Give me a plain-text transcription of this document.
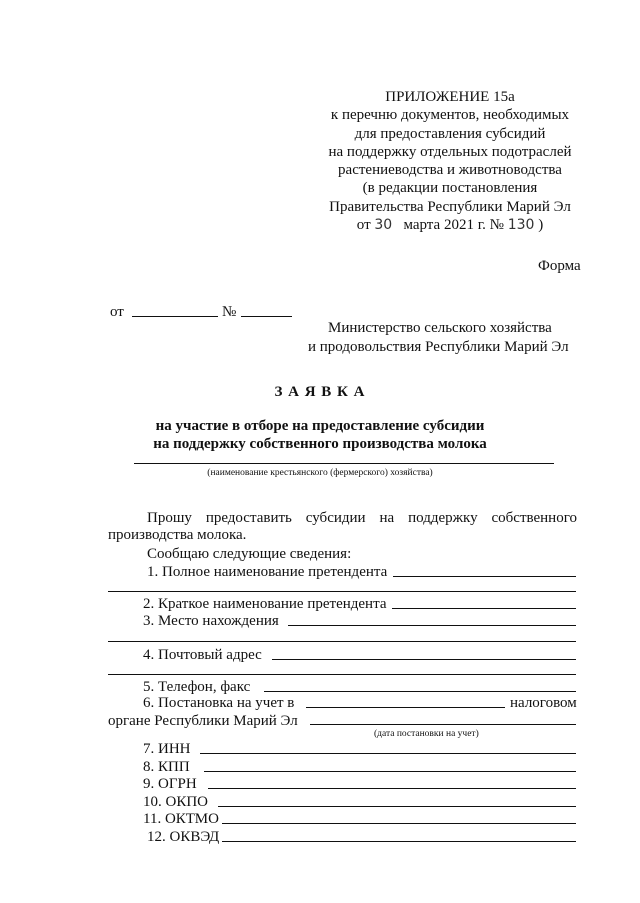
ПРИЛОЖЕНИЕ 15а
к перечню документов, необходимых
для предоставления субсидий
на поддержку отдельных подотраслей
растениеводства и животноводства
(в редакции постановления
Правительства Республики Марий Эл
от 30 марта 2021 г. № 130 )
Форма
от	№
Министерство сельского хозяйства
и продовольствия Республики Марий Эл
З А Я В К А
на участие в отборе на предоставление субсидии
на поддержку собственного производства молока
(наименование крестьянского (фермерского) хозяйства)
Прошу предоставить субсидии на поддержку собственного
производства молока.
Сообщаю следующие сведения:
1. Полное наименование претендента
2. Краткое наименование претендента
3. Место нахождения
4. Почтовый адрес
5. Телефон, факс
6. Постановка на учет в	налоговом
органе Республики Марий Эл
(дата постановки на учет)
7. ИНН
8. КПП
9. ОГРН
10. ОКПО
11. ОКТМО
12. ОКВЭД
